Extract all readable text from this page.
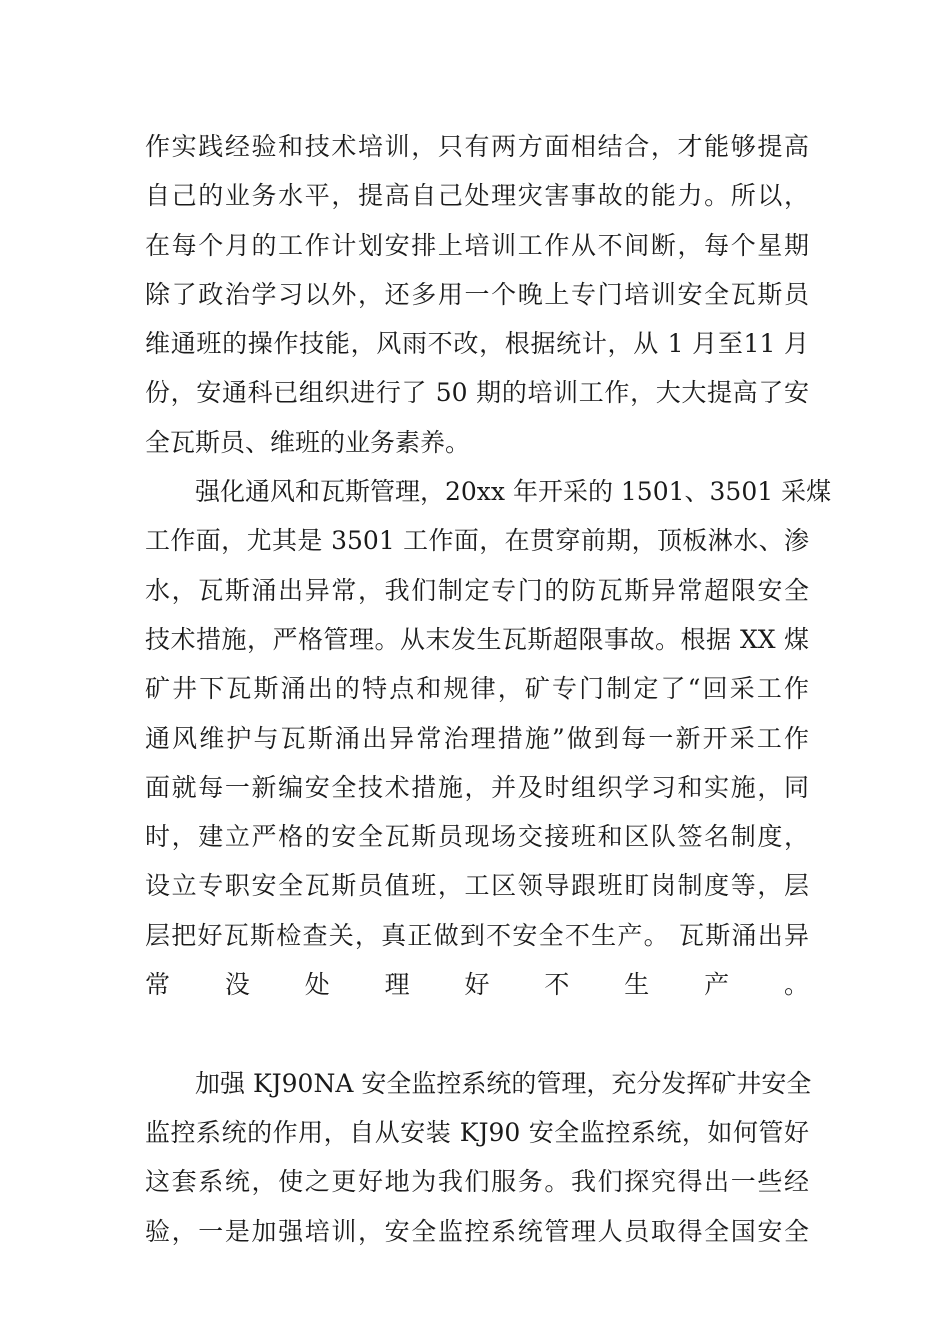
作实践经验和技术培训，只有两方面相结合，才能够提高
自己的业务水平，提高自己处理灾害事故的能力。所以，
在每个月的工作计划安排上培训工作从不间断，每个星期
除了政治学习以外，还多用一个晚上专门培训安全瓦斯员
维通班的操作技能，风雨不改，根据统计，从 1 月至11 月
份，安通科已组织进行了 50 期的培训工作，大大提高了安
全瓦斯员、维班的业务素养。
强化通风和瓦斯管理，20xx 年开采的 1501、3501 采煤
工作面，尤其是 3501 工作面，在贯穿前期，顶板淋水、渗
水，瓦斯涌出异常，我们制定专门的防瓦斯异常超限安全
技术措施，严格管理。从末发生瓦斯超限事故。根据 XX 煤
矿井下瓦斯涌出的特点和规律，矿专门制定了“回采工作
通风维护与瓦斯涌出异常治理措施”做到每一新开采工作
面就每一新编安全技术措施，并及时组织学习和实施，同
时，建立严格的安全瓦斯员现场交接班和区队签名制度，
设立专职安全瓦斯员值班，工区领导跟班盯岗制度等，层
层把好瓦斯检查关，真正做到不安全不生产。 瓦斯涌出异
常没处理好不生产。
加强 KJ90NA 安全监控系统的管理，充分发挥矿井安全
监控系统的作用，自从安装 KJ90 安全监控系统，如何管好
这套系统，使之更好地为我们服务。我们探究得出一些经
验，一是加强培训，安全监控系统管理人员取得全国安全
